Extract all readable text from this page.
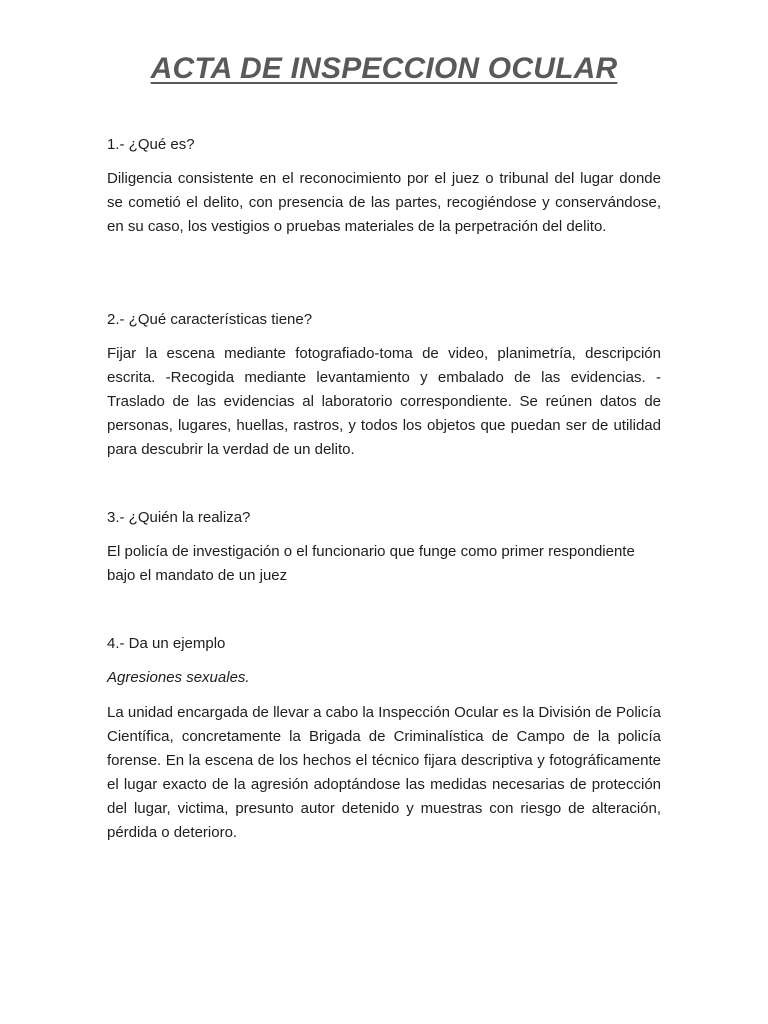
ACTA DE INSPECCION OCULAR
1.- ¿Qué es?

Diligencia consistente en el reconocimiento por el juez o tribunal del lugar donde se cometió el delito, con presencia de las partes, recogiéndose y conservándose, en su caso, los vestigios o pruebas materiales de la perpetración del delito.

2.- ¿Qué características tiene?

Fijar la escena mediante fotografiado-toma de video, planimetría, descripción escrita. -Recogida mediante levantamiento y embalado de las evidencias. -Traslado de las evidencias al laboratorio correspondiente. Se reúnen datos de personas, lugares, huellas, rastros, y todos los objetos que puedan ser de utilidad para descubrir la verdad de un delito.

3.- ¿Quién la realiza?

El policía de investigación o el funcionario que funge como primer respondiente bajo el mandato de un juez

4.- Da un ejemplo
Agresiones sexuales.

La unidad encargada de llevar a cabo la Inspección Ocular es la División de Policía Científica, concretamente la Brigada de Criminalística de Campo de la policía forense. En la escena de los hechos el técnico fijara descriptiva y fotográficamente el lugar exacto de la agresión adoptándose las medidas necesarias de protección del lugar, victima, presunto autor detenido y muestras con riesgo de alteración, pérdida o deterioro.
